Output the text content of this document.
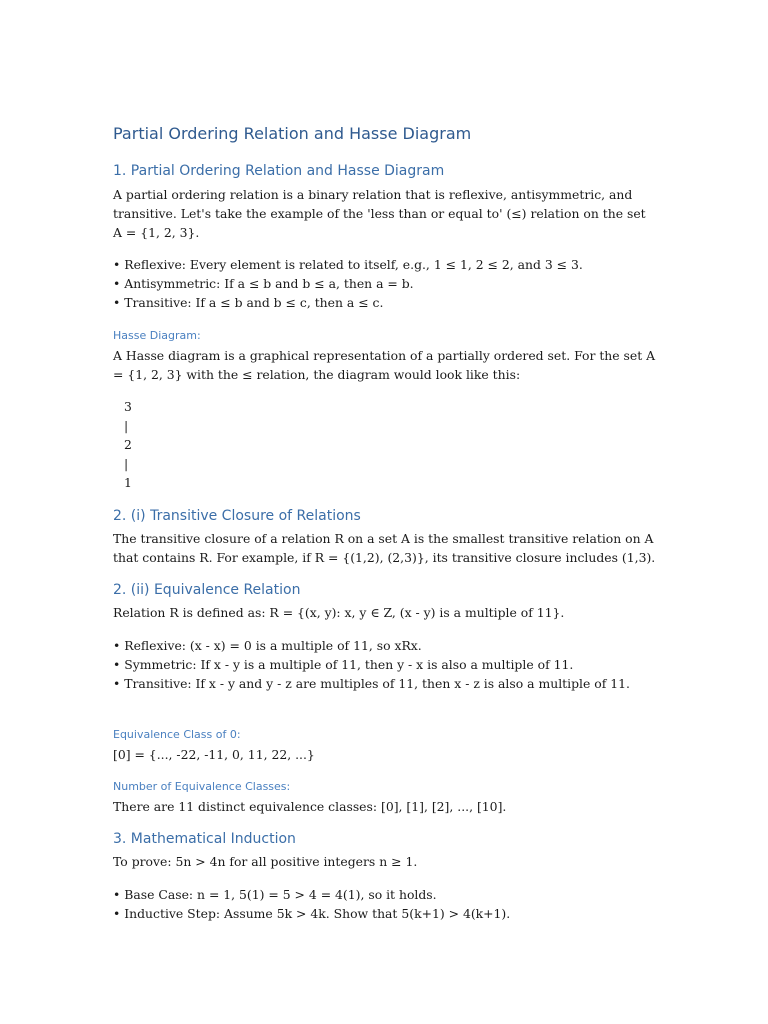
Partial Ordering Relation and Hasse Diagram
1. Partial Ordering Relation and Hasse Diagram

A partial ordering relation is a binary relation that is reflexive, antisymmetric, and transitive. Let's take the example of the 'less than or equal to' (≤) relation on the set A = {1, 2, 3}.

• Reflexive: Every element is related to itself, e.g., 1 ≤ 1, 2 ≤ 2, and 3 ≤ 3.
• Antisymmetric: If a ≤ b and b ≤ a, then a = b.
• Transitive: If a ≤ b and b ≤ c, then a ≤ c.
Hasse Diagram:

A Hasse diagram is a graphical representation of a partially ordered set. For the set A = {1, 2, 3} with the ≤ relation, the diagram would look like this:

3
|
2
|
1
2. (i) Transitive Closure of Relations

The transitive closure of a relation R on a set A is the smallest transitive relation on A that contains R. For example, if R = {(1,2), (2,3)}, its transitive closure includes (1,3).

2. (ii) Equivalence Relation
Relation R is defined as: R = {(x, y): x, y ∈ Z, (x - y) is a multiple of 11}.
• Reflexive: (x - x) = 0 is a multiple of 11, so xRx.
• Symmetric: If x - y is a multiple of 11, then y - x is also a multiple of 11.
• Transitive: If x - y and y - z are multiples of 11, then x - z is also a multiple of 11.
Equivalence Class of 0:
[0] = {..., -22, -11, 0, 11, 22, ...}
Number of Equivalence Classes:
There are 11 distinct equivalence classes: [0], [1], [2], ..., [10].
3. Mathematical Induction
To prove: 5n > 4n for all positive integers n ≥ 1.
• Base Case: n = 1, 5(1) = 5 > 4 = 4(1), so it holds.
• Inductive Step: Assume 5k > 4k. Show that 5(k+1) > 4(k+1).
